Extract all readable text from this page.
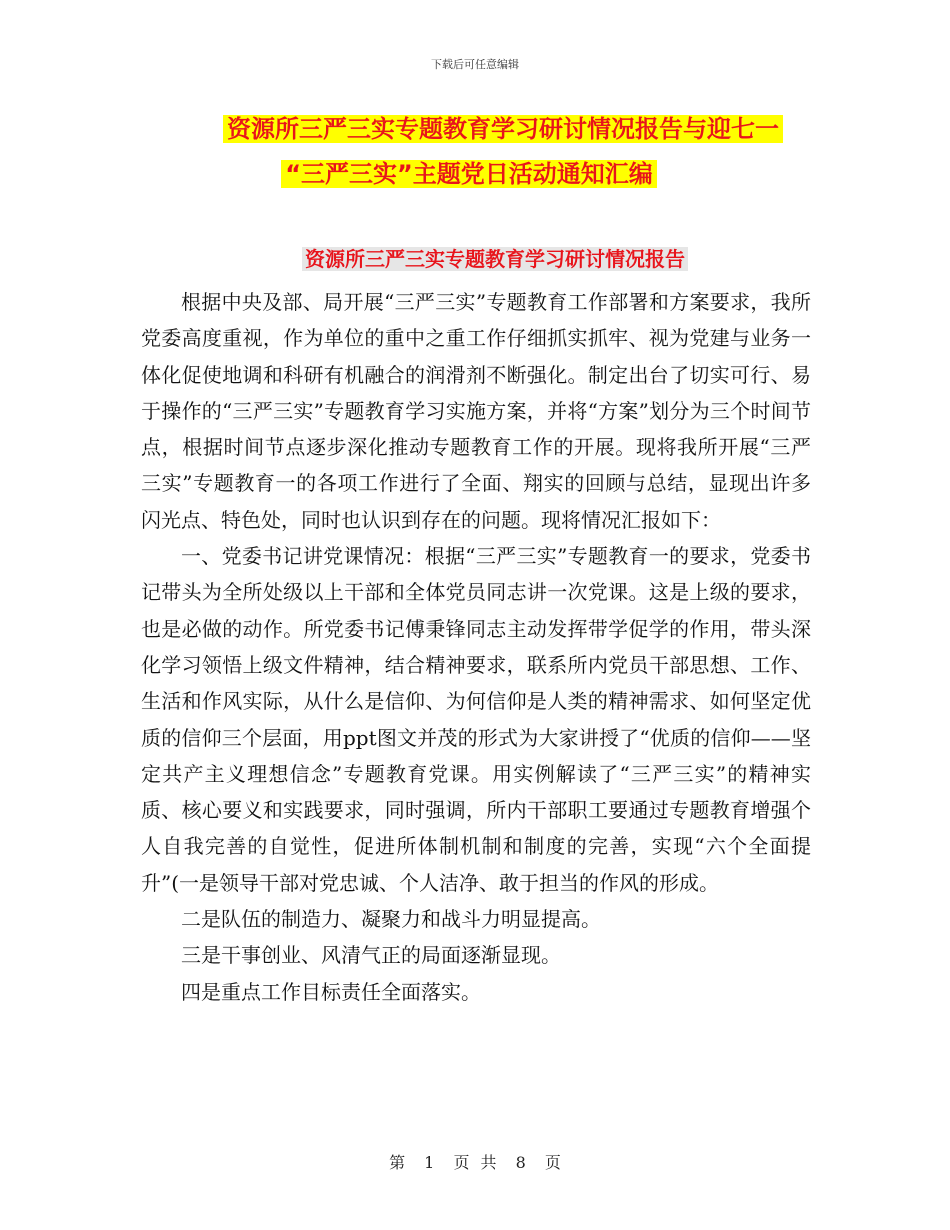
下载后可任意编辑
资源所三严三实专题教育学习研讨情况报告与迎七一
“三严三实”主题党日活动通知汇编
资源所三严三实专题教育学习研讨情况报告

根据中央及部、局开展“三严三实”专题教育工作部署和方案要求，我所党委高度重视，作为单位的重中之重工作仔细抓实抓牢、视为党建与业务一体化促使地调和科研有机融合的润滑剂不断强化。制定出台了切实可行、易于操作的“三严三实”专题教育学习实施方案，并将“方案”划分为三个时间节点，根据时间节点逐步深化推动专题教育工作的开展。现将我所开展“三严三实”专题教育一的各项工作进行了全面、翔实的回顾与总结，显现出许多闪光点、特色处，同时也认识到存在的问题。现将情况汇报如下：

一、党委书记讲党课情况：根据“三严三实”专题教育一的要求，党委书记带头为全所处级以上干部和全体党员同志讲一次党课。这是上级的要求，也是必做的动作。所党委书记傅秉锋同志主动发挥带学促学的作用，带头深化学习领悟上级文件精神，结合精神要求，联系所内党员干部思想、工作、生活和作风实际，从什么是信仰、为何信仰是人类的精神需求、如何坚定优质的信仰三个层面，用ppt图文并茂的形式为大家讲授了“优质的信仰——坚定共产主义理想信念”专题教育党课。用实例解读了“三严三实”的精神实质、核心要义和实践要求，同时强调，所内干部职工要通过专题教育增强个人自我完善的自觉性，促进所体制机制和制度的完善，实现“六个全面提升”(一是领导干部对党忠诚、个人洁净、敢于担当的作风的形成。

二是队伍的制造力、凝聚力和战斗力明显提高。

三是干事创业、风清气正的局面逐渐显现。

四是重点工作目标责任全面落实。

第 1 页 共 8 页
